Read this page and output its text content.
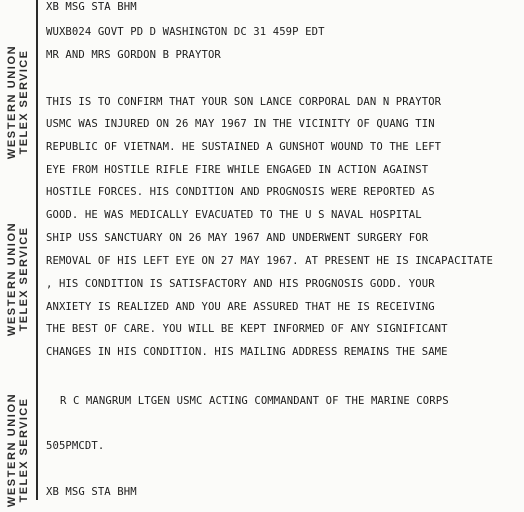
WESTERN UNION TELEX SERVICE
WESTERN UNION TELEX SERVICE
WESTERN UNION TELEX SERVICE
XB MSG STA BHM
WUXB024 GOVT PD D WASHINGTON DC 31 459P EDT
MR AND MRS GORDON B PRAYTOR
THIS IS TO CONFIRM THAT YOUR SON LANCE CORPORAL DAN N PRAYTOR
USMC WAS INJURED ON 26 MAY 1967 IN THE VICINITY OF QUANG TIN
REPUBLIC OF VIETNAM. HE SUSTAINED A GUNSHOT WOUND TO THE LEFT
EYE FROM HOSTILE RIFLE FIRE WHILE ENGAGED IN ACTION AGAINST
HOSTILE FORCES. HIS CONDITION AND PROGNOSIS WERE REPORTED AS
GOOD. HE WAS MEDICALLY EVACUATED TO THE U S NAVAL HOSPITAL
SHIP USS SANCTUARY ON 26 MAY 1967 AND UNDERWENT SURGERY FOR
REMOVAL OF HIS LEFT EYE ON 27 MAY 1967. AT PRESENT HE IS INCAPACITATE
, HIS CONDITION IS SATISFACTORY AND HIS PROGNOSIS GODD. YOUR
ANXIETY IS REALIZED AND YOU ARE ASSURED THAT HE IS RECEIVING
THE BEST OF CARE. YOU WILL BE KEPT INFORMED OF ANY SIGNIFICANT
CHANGES IN HIS CONDITION. HIS MAILING ADDRESS REMAINS THE SAME
R C MANGRUM LTGEN USMC ACTING COMMANDANT OF THE MARINE CORPS
505PMCDT.
XB MSG STA BHM
